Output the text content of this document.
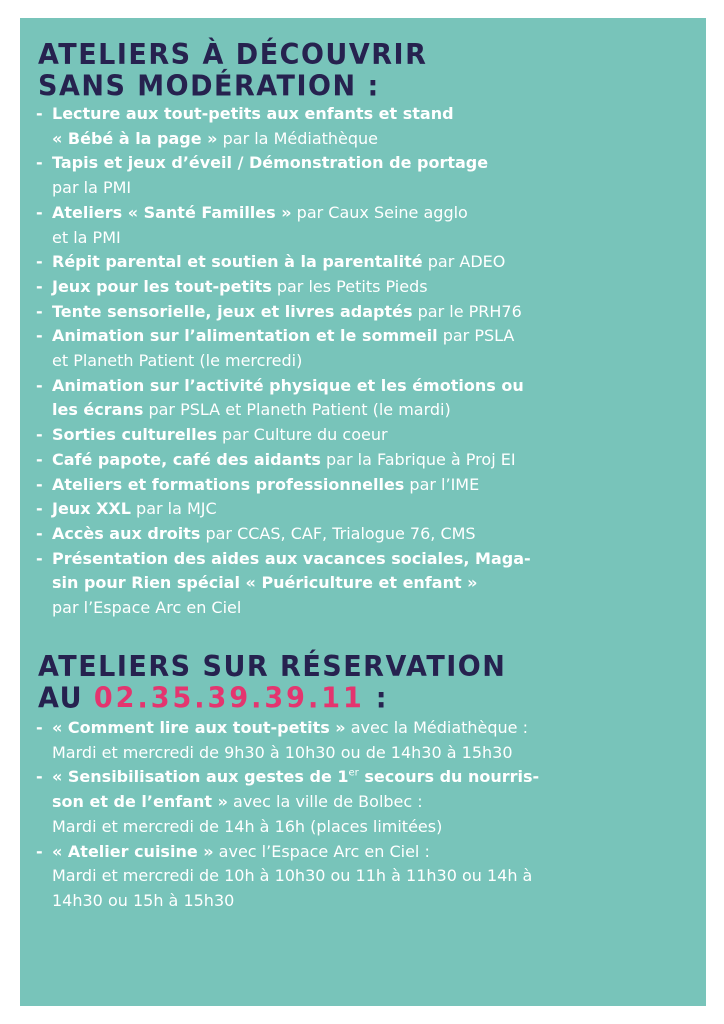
ATELIERS À DÉCOUVRIR
SANS MODÉRATION :
- Lecture aux tout-petits aux enfants et stand
« Bébé à la page » par la Médiathèque
- Tapis et jeux d’éveil / Démonstration de portage
par la PMI
- Ateliers « Santé Familles » par Caux Seine agglo
et la PMI
- Répit parental et soutien à la parentalité par ADEO
- Jeux pour les tout-petits par les Petits Pieds
- Tente sensorielle, jeux et livres adaptés par le PRH76
- Animation sur l’alimentation et le sommeil par PSLA
et Planeth Patient (le mercredi)
- Animation sur l’activité physique et les émotions ou
les écrans par PSLA et Planeth Patient (le mardi)
- Sorties culturelles par Culture du coeur
- Café papote, café des aidants par la Fabrique à Proj EI
- Ateliers et formations professionnelles par l’IME
- Jeux XXL par la MJC
- Accès aux droits par CCAS, CAF, Trialogue 76, CMS
- Présentation des aides aux vacances sociales, Maga-
sin pour Rien spécial « Puériculture et enfant »
par l’Espace Arc en Ciel
ATELIERS SUR RÉSERVATION
AU 02.35.39.39.11 :
- « Comment lire aux tout-petits » avec la Médiathèque :
Mardi et mercredi de 9h30 à 10h30 ou de 14h30 à 15h30
- « Sensibilisation aux gestes de 1er secours du nourris-
son et de l’enfant » avec la ville de Bolbec :
Mardi et mercredi de 14h à 16h (places limitées)
- « Atelier cuisine » avec l’Espace Arc en Ciel :
Mardi et mercredi de 10h à 10h30 ou 11h à 11h30 ou 14h à
14h30 ou 15h à 15h30
